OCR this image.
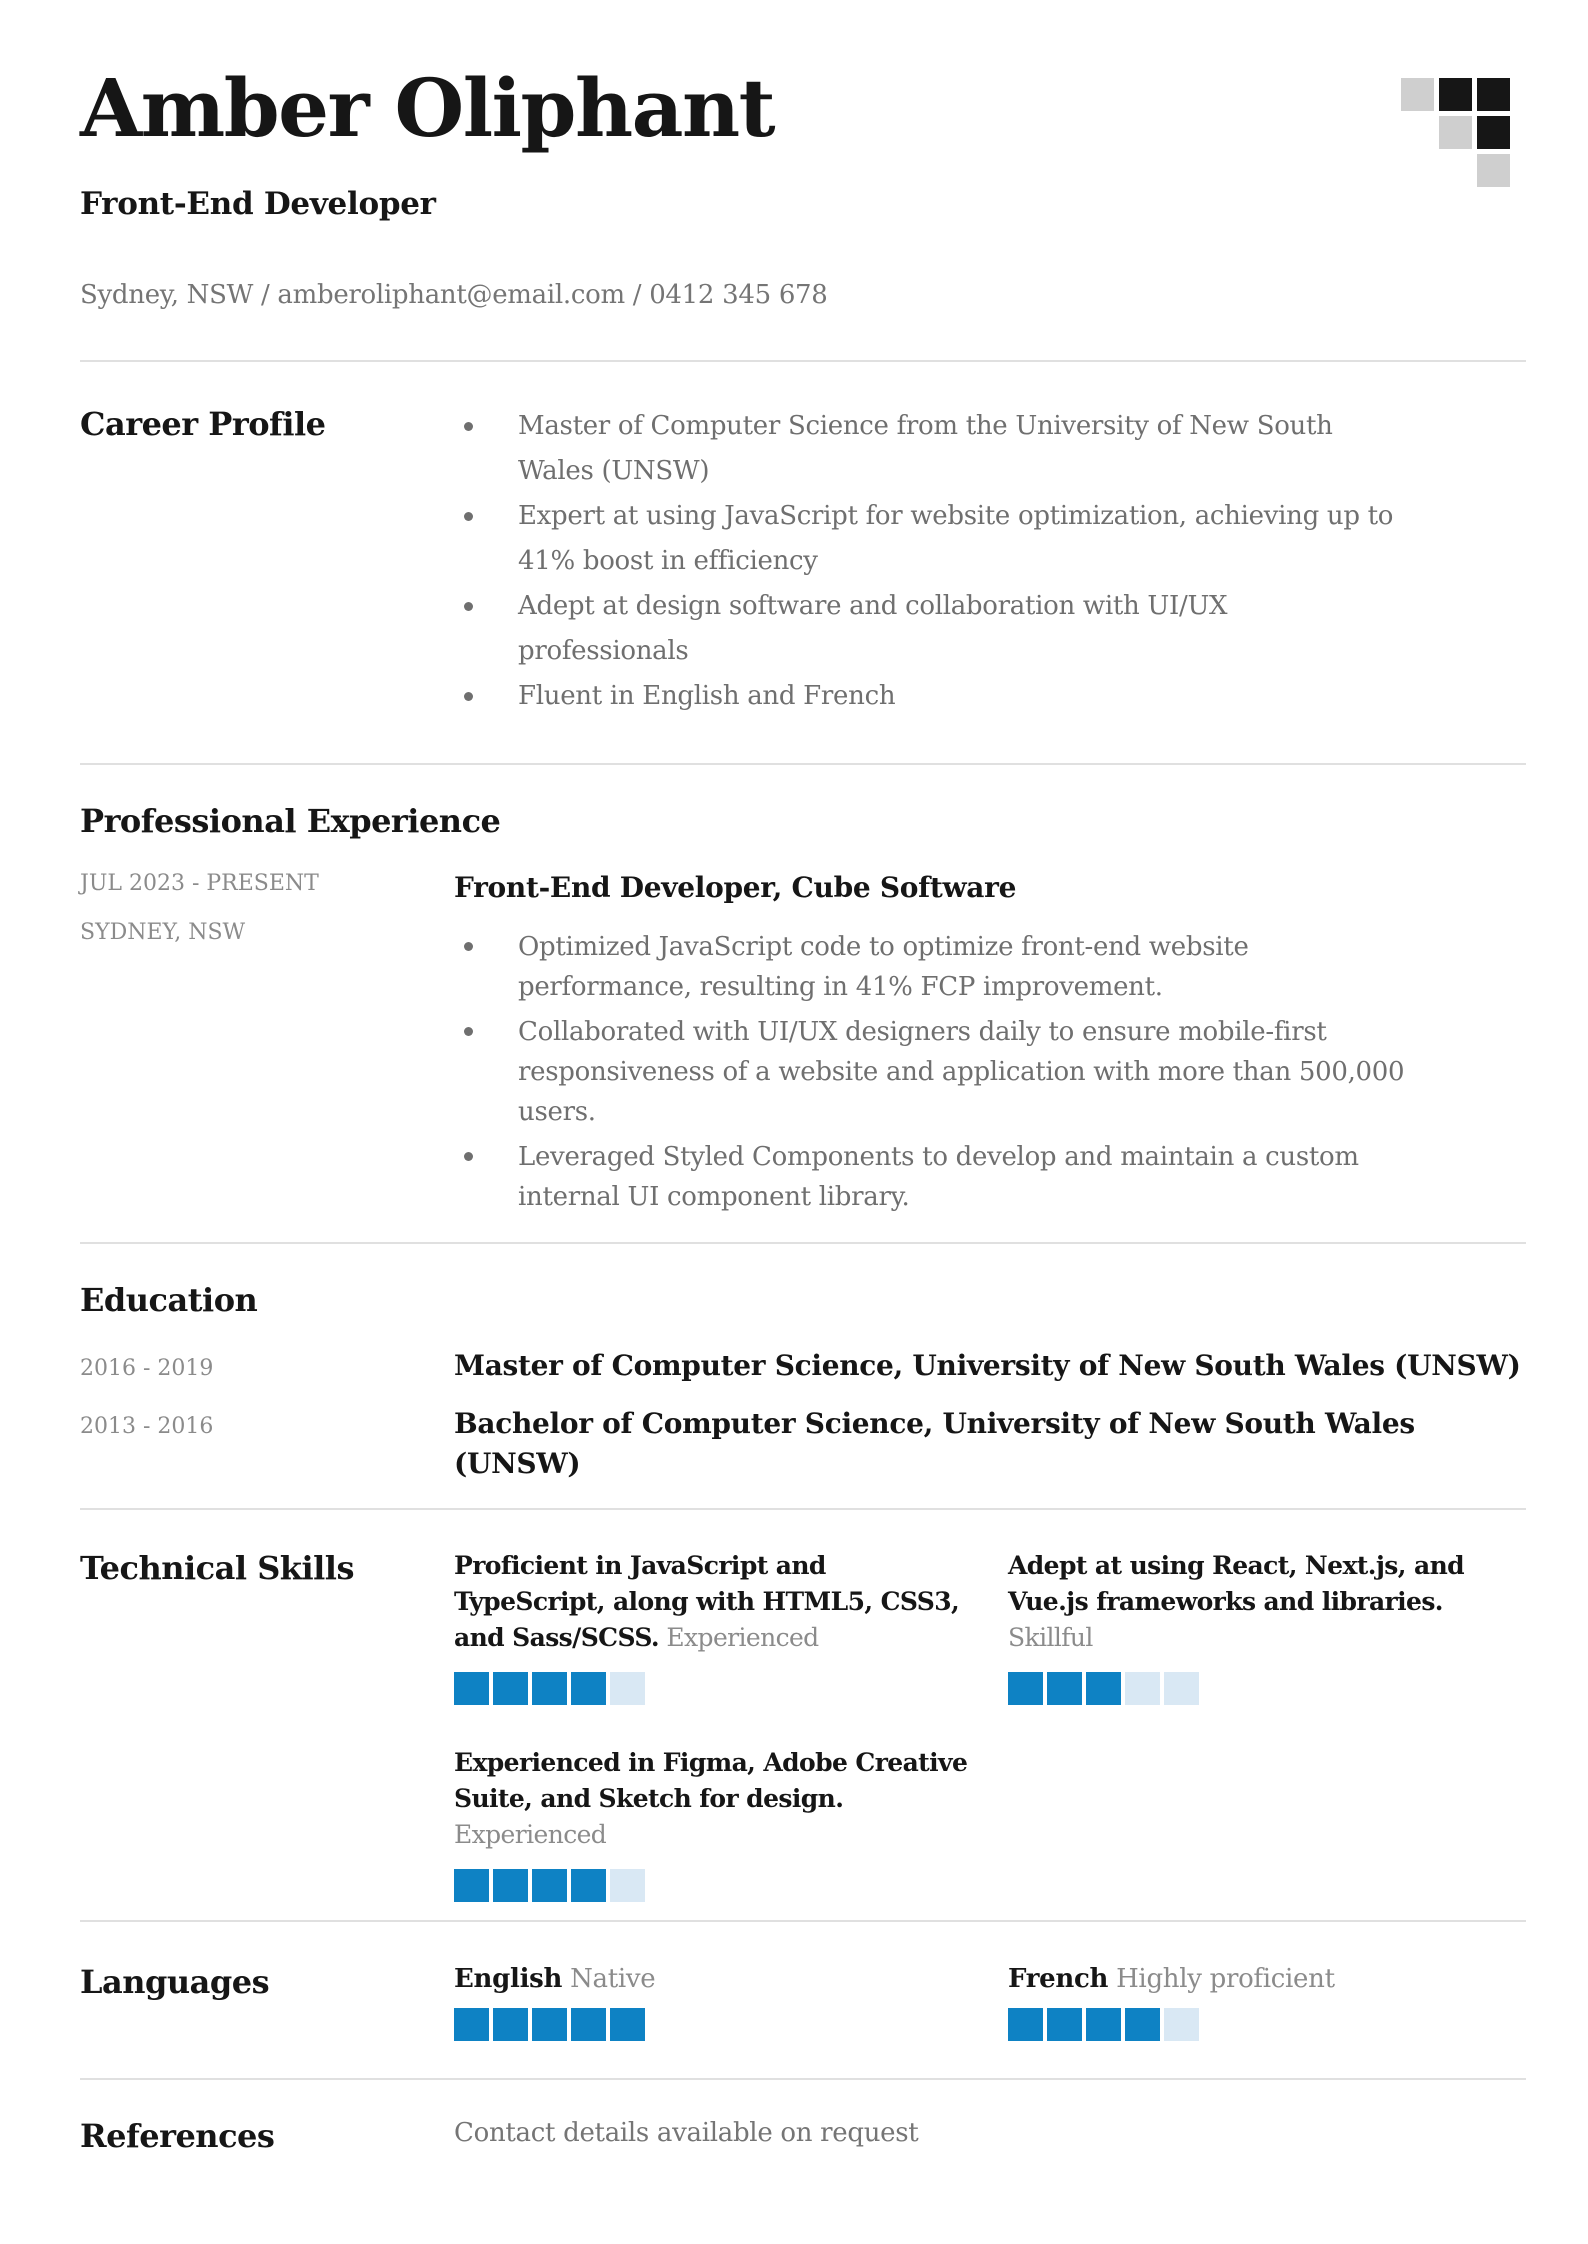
Amber Oliphant
Front-End Developer
Sydney, NSW / amberoliphant@email.com / 0412 345 678
Career Profile	Master of Computer Science from the University of New South Wales (UNSW)
Expert at using JavaScript for website optimization, achieving up to 41% boost in efficiency
Adept at design software and collaboration with UI/UX professionals
Fluent in English and French
Professional Experience
JUL 2023 - PRESENT
SYDNEY, NSW
Front-End Developer, Cube Software
Optimized JavaScript code to optimize front-end website performance, resulting in 41% FCP improvement.
Collaborated with UI/UX designers daily to ensure mobile-first responsiveness of a website and application with more than 500,000 users.
Leveraged Styled Components to develop and maintain a custom internal UI component library.
Education
2016 - 2019	Master of Computer Science, University of New South Wales (UNSW)
2013 - 2016	Bachelor of Computer Science, University of New South Wales (UNSW)
Technical Skills	Proficient in JavaScript and TypeScript, along with HTML5, CSS3, and Sass/SCSS. Experienced

Adept at using React, Next.js, and Vue.js frameworks and libraries. Skillful

Experienced in Figma, Adobe Creative Suite, and Sketch for design. Experienced

Languages	English Native	French Highly proficient

References	Contact details available on request
